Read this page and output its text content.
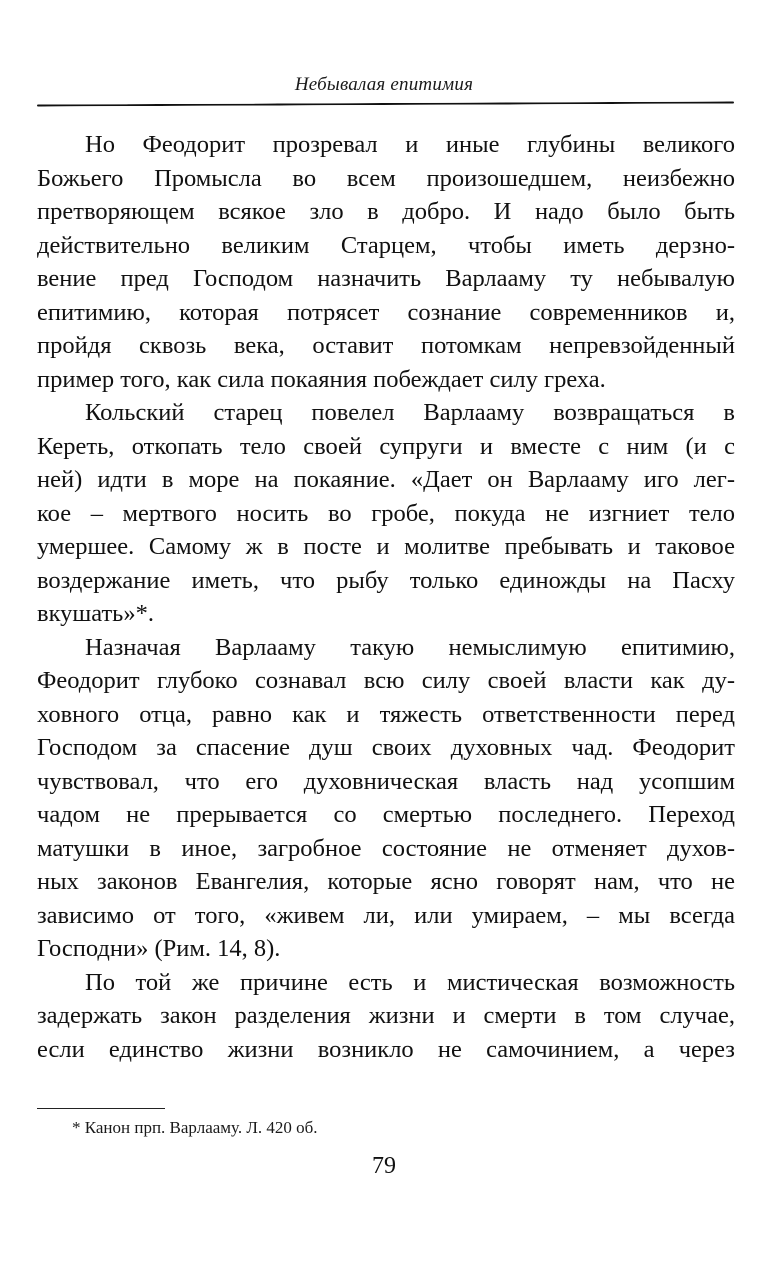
Небывалая епитимия
Но Феодорит прозревал и иные глубины великого
Божьего Промысла во всем произошедшем, неизбежно
претворяющем всякое зло в добро. И надо было быть
действительно великим Старцем, чтобы иметь дерзно-
вение пред Господом назначить Варлааму ту небывалую
епитимию, которая потрясет сознание современников и,
пройдя сквозь века, оставит потомкам непревзойденный
пример того, как сила покаяния побеждает силу греха.
Кольский старец повелел Варлааму возвращаться в
Кереть, откопать тело своей супруги и вместе с ним (и с
ней) идти в море на покаяние. «Дает он Варлааму иго лег-
кое – мертвого носить во гробе, покуда не изгниет тело
умершее. Самому ж в посте и молитве пребывать и таковое
воздержание иметь, что рыбу только единожды на Пасху
вкушать»*.
Назначая Варлааму такую немыслимую епитимию,
Феодорит глубоко сознавал всю силу своей власти как ду-
ховного отца, равно как и тяжесть ответственности перед
Господом за спасение душ своих духовных чад. Феодорит
чувствовал, что его духовническая власть над усопшим
чадом не прерывается со смертью последнего. Переход
матушки в иное, загробное состояние не отменяет духов-
ных законов Евангелия, которые ясно говорят нам, что не
зависимо от того, «живем ли, или умираем, – мы всегда
Господни» (Рим. 14, 8).
По той же причине есть и мистическая возможность
задержать закон разделения жизни и смерти в том случае,
если единство жизни возникло не самочинием, а через
* Канон прп. Варлааму. Л. 420 об.
79
